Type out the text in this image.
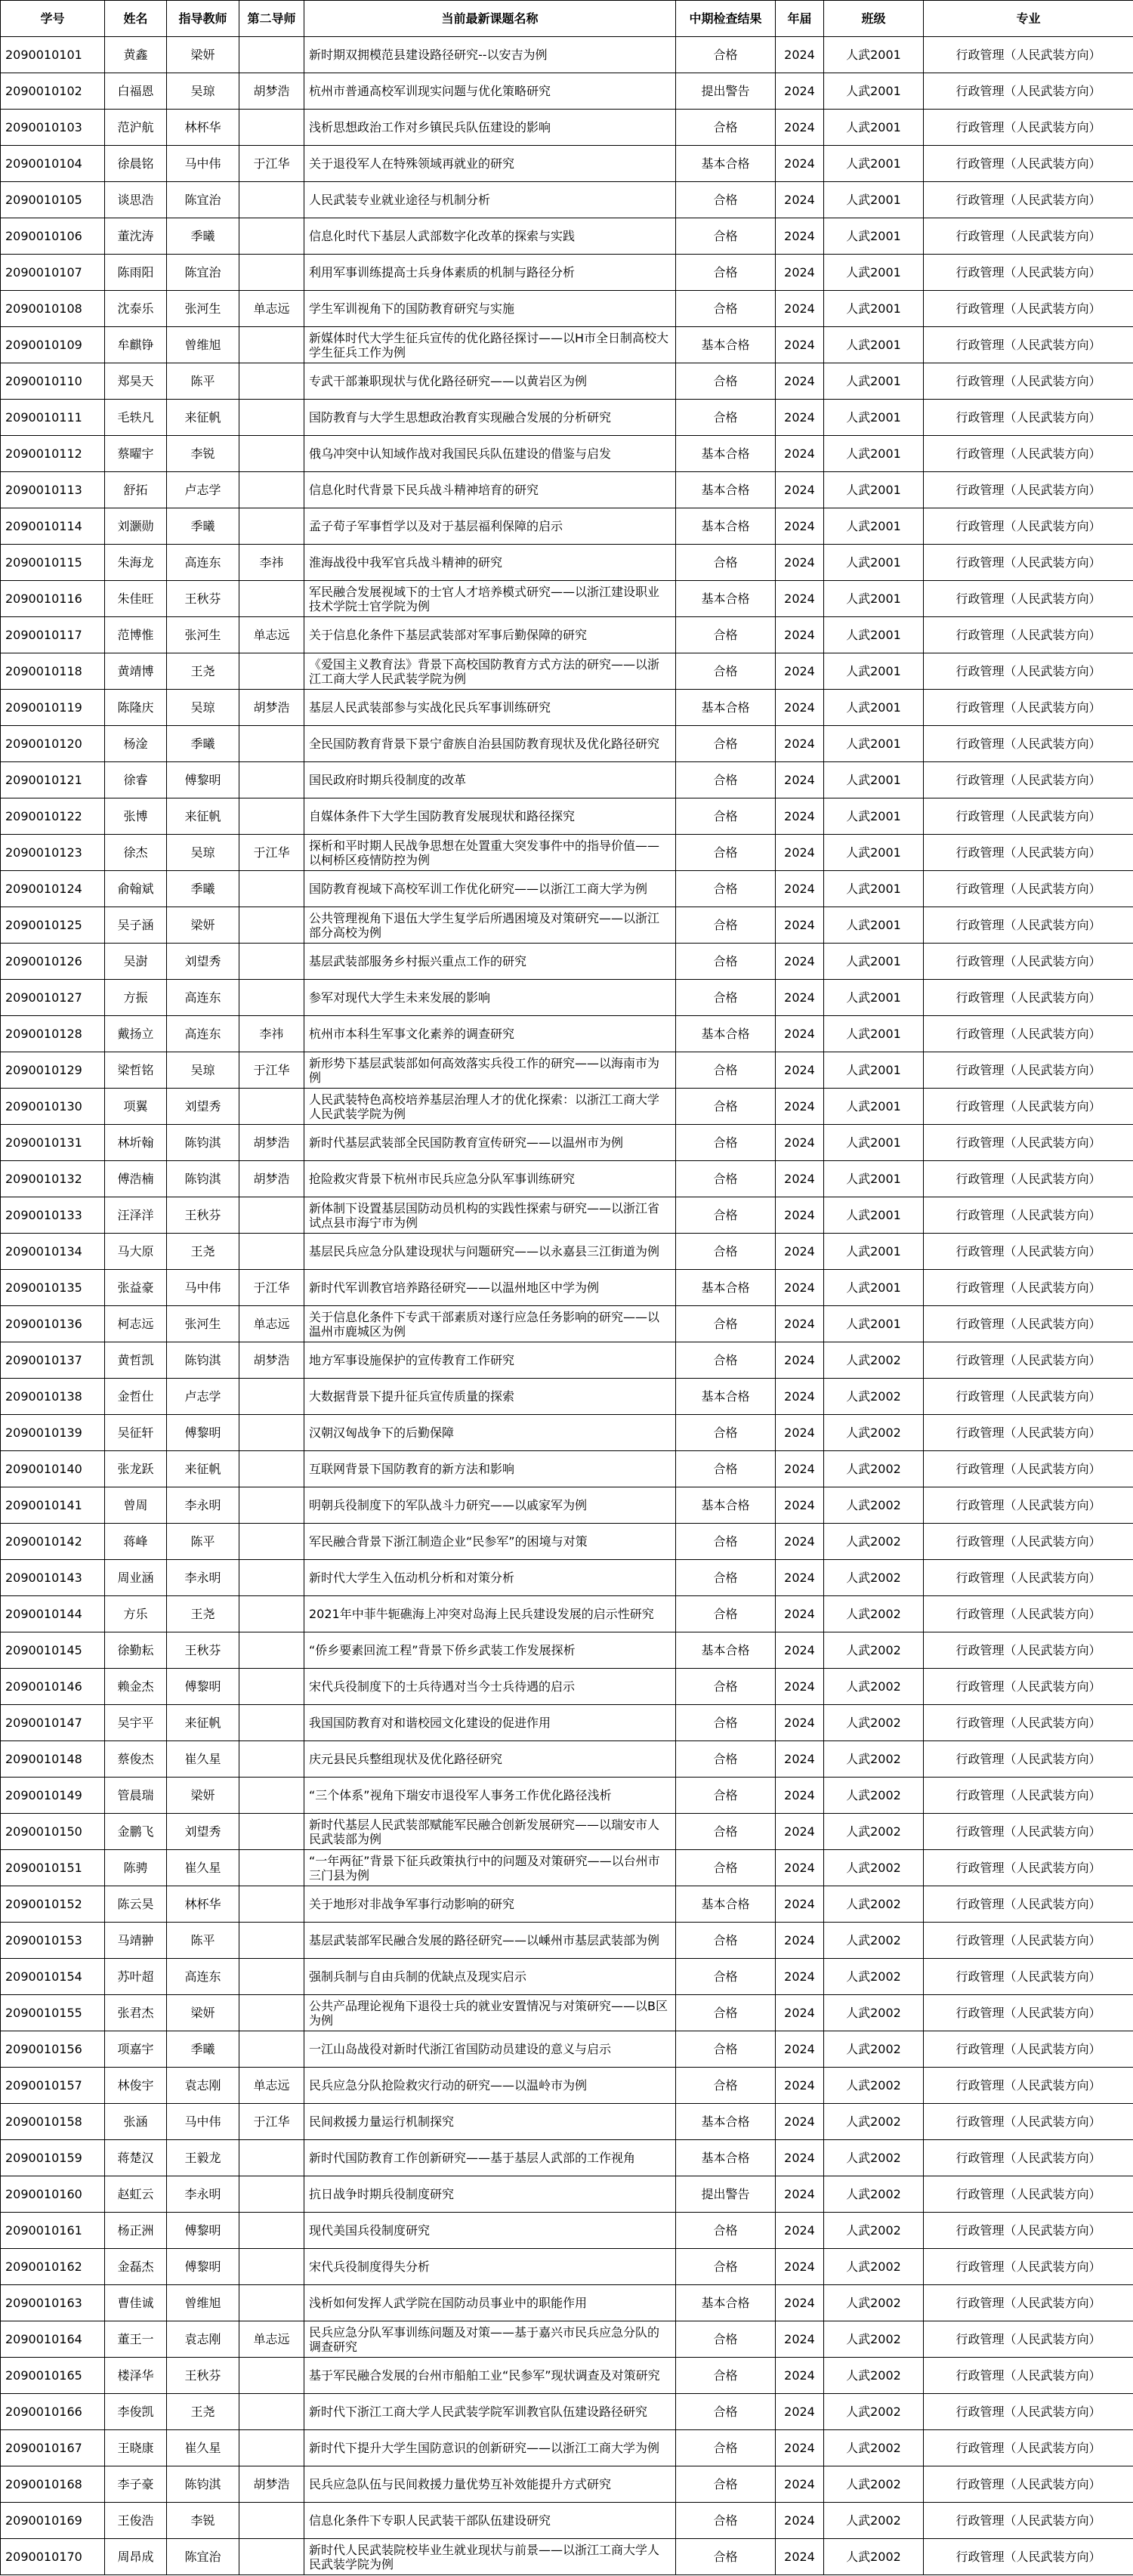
学号	姓名	指导教师	第二导师	当前最新课题名称	中期检查结果	年届	班级	专业
2090010101	黄鑫	梁妍		新时期双拥模范县建设路径研究--以安吉为例	合格	2024	人武2001	行政管理（人民武装方向）
2090010102	白福恩	吴琼	胡梦浩	杭州市普通高校军训现实问题与优化策略研究	提出警告	2024	人武2001	行政管理（人民武装方向）
2090010103	范沪航	林杯华		浅析思想政治工作对乡镇民兵队伍建设的影响	合格	2024	人武2001	行政管理（人民武装方向）
2090010104	徐晨铭	马中伟	于江华	关于退役军人在特殊领域再就业的研究	基本合格	2024	人武2001	行政管理（人民武装方向）
2090010105	谈思浩	陈宜治		人民武装专业就业途径与机制分析	合格	2024	人武2001	行政管理（人民武装方向）
2090010106	董沈涛	季曦		信息化时代下基层人武部数字化改革的探索与实践	合格	2024	人武2001	行政管理（人民武装方向）
2090010107	陈雨阳	陈宜治		利用军事训练提高士兵身体素质的机制与路径分析	合格	2024	人武2001	行政管理（人民武装方向）
2090010108	沈泰乐	张河生	单志远	学生军训视角下的国防教育研究与实施	合格	2024	人武2001	行政管理（人民武装方向）
2090010109	牟麒铮	曾维旭		新媒体时代大学生征兵宣传的优化路径探讨——以H市全日制高校大学生征兵工作为例	基本合格	2024	人武2001	行政管理（人民武装方向）
2090010110	郑昊天	陈平		专武干部兼职现状与优化路径研究——以黄岩区为例	合格	2024	人武2001	行政管理（人民武装方向）
2090010111	毛轶凡	来征帆		国防教育与大学生思想政治教育实现融合发展的分析研究	合格	2024	人武2001	行政管理（人民武装方向）
2090010112	蔡曜宇	李锐		俄乌冲突中认知域作战对我国民兵队伍建设的借鉴与启发	基本合格	2024	人武2001	行政管理（人民武装方向）
2090010113	舒拓	卢志学		信息化时代背景下民兵战斗精神培育的研究	基本合格	2024	人武2001	行政管理（人民武装方向）
2090010114	刘灏勋	季曦		孟子荀子军事哲学以及对于基层福利保障的启示	基本合格	2024	人武2001	行政管理（人民武装方向）
2090010115	朱海龙	高连东	李祎	淮海战役中我军官兵战斗精神的研究	合格	2024	人武2001	行政管理（人民武装方向）
2090010116	朱佳旺	王秋芬		军民融合发展视域下的士官人才培养模式研究——以浙江建设职业技术学院士官学院为例	基本合格	2024	人武2001	行政管理（人民武装方向）
2090010117	范博惟	张河生	单志远	关于信息化条件下基层武装部对军事后勤保障的研究	合格	2024	人武2001	行政管理（人民武装方向）
2090010118	黄靖博	王尧		《爱国主义教育法》背景下高校国防教育方式方法的研究——以浙江工商大学人民武装学院为例	合格	2024	人武2001	行政管理（人民武装方向）
2090010119	陈隆庆	吴琼	胡梦浩	基层人民武装部参与实战化民兵军事训练研究	基本合格	2024	人武2001	行政管理（人民武装方向）
2090010120	杨淦	季曦		全民国防教育背景下景宁畲族自治县国防教育现状及优化路径研究	合格	2024	人武2001	行政管理（人民武装方向）
2090010121	徐睿	傅黎明		国民政府时期兵役制度的改革	合格	2024	人武2001	行政管理（人民武装方向）
2090010122	张博	来征帆		自媒体条件下大学生国防教育发展现状和路径探究	合格	2024	人武2001	行政管理（人民武装方向）
2090010123	徐杰	吴琼	于江华	探析和平时期人民战争思想在处置重大突发事件中的指导价值——以柯桥区疫情防控为例	合格	2024	人武2001	行政管理（人民武装方向）
2090010124	俞翰斌	季曦		国防教育视域下高校军训工作优化研究——以浙江工商大学为例	合格	2024	人武2001	行政管理（人民武装方向）
2090010125	吴子涵	梁妍		公共管理视角下退伍大学生复学后所遇困境及对策研究——以浙江部分高校为例	合格	2024	人武2001	行政管理（人民武装方向）
2090010126	吴澍	刘望秀		基层武装部服务乡村振兴重点工作的研究	合格	2024	人武2001	行政管理（人民武装方向）
2090010127	方振	高连东		参军对现代大学生未来发展的影响	合格	2024	人武2001	行政管理（人民武装方向）
2090010128	戴扬立	高连东	李祎	杭州市本科生军事文化素养的调查研究	基本合格	2024	人武2001	行政管理（人民武装方向）
2090010129	梁哲铭	吴琼	于江华	新形势下基层武装部如何高效落实兵役工作的研究——以海南市为例	合格	2024	人武2001	行政管理（人民武装方向）
2090010130	项翼	刘望秀		人民武装特色高校培养基层治理人才的优化探索：以浙江工商大学人民武装学院为例	合格	2024	人武2001	行政管理（人民武装方向）
2090010131	林圻翰	陈钧淇	胡梦浩	新时代基层武装部全民国防教育宣传研究——以温州市为例	合格	2024	人武2001	行政管理（人民武装方向）
2090010132	傅浩楠	陈钧淇	胡梦浩	抢险救灾背景下杭州市民兵应急分队军事训练研究	合格	2024	人武2001	行政管理（人民武装方向）
2090010133	汪泽洋	王秋芬		新体制下设置基层国防动员机构的实践性探索与研究——以浙江省试点县市海宁市为例	合格	2024	人武2001	行政管理（人民武装方向）
2090010134	马大原	王尧		基层民兵应急分队建设现状与问题研究——以永嘉县三江街道为例	合格	2024	人武2001	行政管理（人民武装方向）
2090010135	张益豪	马中伟	于江华	新时代军训教官培养路径研究——以温州地区中学为例	基本合格	2024	人武2001	行政管理（人民武装方向）
2090010136	柯志远	张河生	单志远	关于信息化条件下专武干部素质对遂行应急任务影响的研究——以温州市鹿城区为例	合格	2024	人武2001	行政管理（人民武装方向）
2090010137	黄哲凯	陈钧淇	胡梦浩	地方军事设施保护的宣传教育工作研究	合格	2024	人武2002	行政管理（人民武装方向）
2090010138	金哲仕	卢志学		大数据背景下提升征兵宣传质量的探索	基本合格	2024	人武2002	行政管理（人民武装方向）
2090010139	吴征轩	傅黎明		汉朝汉匈战争下的后勤保障	合格	2024	人武2002	行政管理（人民武装方向）
2090010140	张龙跃	来征帆		互联网背景下国防教育的新方法和影响	合格	2024	人武2002	行政管理（人民武装方向）
2090010141	曾周	李永明		明朝兵役制度下的军队战斗力研究——以戚家军为例	基本合格	2024	人武2002	行政管理（人民武装方向）
2090010142	蒋峰	陈平		军民融合背景下浙江制造企业“民参军”的困境与对策	合格	2024	人武2002	行政管理（人民武装方向）
2090010143	周业涵	李永明		新时代大学生入伍动机分析和对策分析	合格	2024	人武2002	行政管理（人民武装方向）
2090010144	方乐	王尧		2021年中菲牛轭礁海上冲突对岛海上民兵建设发展的启示性研究	合格	2024	人武2002	行政管理（人民武装方向）
2090010145	徐勤耘	王秋芬		“侨乡要素回流工程”背景下侨乡武装工作发展探析	基本合格	2024	人武2002	行政管理（人民武装方向）
2090010146	赖金杰	傅黎明		宋代兵役制度下的士兵待遇对当今士兵待遇的启示	合格	2024	人武2002	行政管理（人民武装方向）
2090010147	吴宇平	来征帆		我国国防教育对和谐校园文化建设的促进作用	合格	2024	人武2002	行政管理（人民武装方向）
2090010148	蔡俊杰	崔久星		庆元县民兵整组现状及优化路径研究	合格	2024	人武2002	行政管理（人民武装方向）
2090010149	管晨瑞	梁妍		“三个体系”视角下瑞安市退役军人事务工作优化路径浅析	合格	2024	人武2002	行政管理（人民武装方向）
2090010150	金鹏飞	刘望秀		新时代基层人民武装部赋能军民融合创新发展研究——以瑞安市人民武装部为例	合格	2024	人武2002	行政管理（人民武装方向）
2090010151	陈骋	崔久星		“一年两征”背景下征兵政策执行中的问题及对策研究——以台州市三门县为例	合格	2024	人武2002	行政管理（人民武装方向）
2090010152	陈云昊	林杯华		关于地形对非战争军事行动影响的研究	基本合格	2024	人武2002	行政管理（人民武装方向）
2090010153	马靖翀	陈平		基层武装部军民融合发展的路径研究——以嵊州市基层武装部为例	合格	2024	人武2002	行政管理（人民武装方向）
2090010154	苏叶超	高连东		强制兵制与自由兵制的优缺点及现实启示	合格	2024	人武2002	行政管理（人民武装方向）
2090010155	张君杰	梁妍		公共产品理论视角下退役士兵的就业安置情况与对策研究——以B区为例	合格	2024	人武2002	行政管理（人民武装方向）
2090010156	项嘉宇	季曦		一江山岛战役对新时代浙江省国防动员建设的意义与启示	合格	2024	人武2002	行政管理（人民武装方向）
2090010157	林俊宇	袁志刚	单志远	民兵应急分队抢险救灾行动的研究——以温岭市为例	合格	2024	人武2002	行政管理（人民武装方向）
2090010158	张涵	马中伟	于江华	民间救援力量运行机制探究	基本合格	2024	人武2002	行政管理（人民武装方向）
2090010159	蒋楚汉	王毅龙		新时代国防教育工作创新研究——基于基层人武部的工作视角	基本合格	2024	人武2002	行政管理（人民武装方向）
2090010160	赵虹云	李永明		抗日战争时期兵役制度研究	提出警告	2024	人武2002	行政管理（人民武装方向）
2090010161	杨正洲	傅黎明		现代美国兵役制度研究	合格	2024	人武2002	行政管理（人民武装方向）
2090010162	金磊杰	傅黎明		宋代兵役制度得失分析	合格	2024	人武2002	行政管理（人民武装方向）
2090010163	曹佳诚	曾维旭		浅析如何发挥人武学院在国防动员事业中的职能作用	基本合格	2024	人武2002	行政管理（人民武装方向）
2090010164	董王一	袁志刚	单志远	民兵应急分队军事训练问题及对策——基于嘉兴市民兵应急分队的调查研究	合格	2024	人武2002	行政管理（人民武装方向）
2090010165	楼泽华	王秋芬		基于军民融合发展的台州市船舶工业“民参军”现状调查及对策研究	合格	2024	人武2002	行政管理（人民武装方向）
2090010166	李俊凯	王尧		新时代下浙江工商大学人民武装学院军训教官队伍建设路径研究	合格	2024	人武2002	行政管理（人民武装方向）
2090010167	王晓康	崔久星		新时代下提升大学生国防意识的创新研究——以浙江工商大学为例	合格	2024	人武2002	行政管理（人民武装方向）
2090010168	李子豪	陈钧淇	胡梦浩	民兵应急队伍与民间救援力量优势互补效能提升方式研究	合格	2024	人武2002	行政管理（人民武装方向）
2090010169	王俊浩	李锐		信息化条件下专职人民武装干部队伍建设研究	合格	2024	人武2002	行政管理（人民武装方向）
2090010170	周昂成	陈宜治		新时代人民武装院校毕业生就业现状与前景——以浙江工商大学人民武装学院为例	合格	2024	人武2002	行政管理（人民武装方向）
